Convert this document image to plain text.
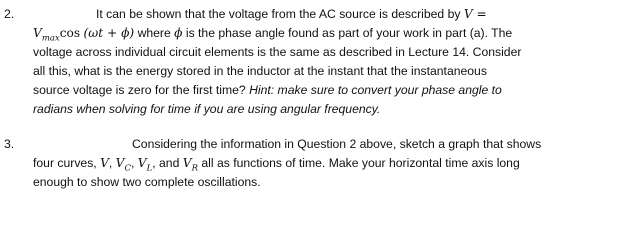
2.	It can be shown that the voltage from the AC source is described by V =
$V_{max}\cos$ (ωt + ϕ) where ϕ is the phase angle found as part of your work in part (a). The
voltage across individual circuit elements is the same as described in Lecture 14. Consider
all this, what is the energy stored in the inductor at the instant that the instantaneous
source voltage is zero for the first time? Hint: make sure to convert your phase angle to
radians when solving for time if you are using angular frequency.
3.	Considering the information in Question 2 above, sketch a graph that shows
four curves, V, $V_C$, $V_L$, and $V_R$ all as functions of time. Make your horizontal time axis long
enough to show two complete oscillations.
